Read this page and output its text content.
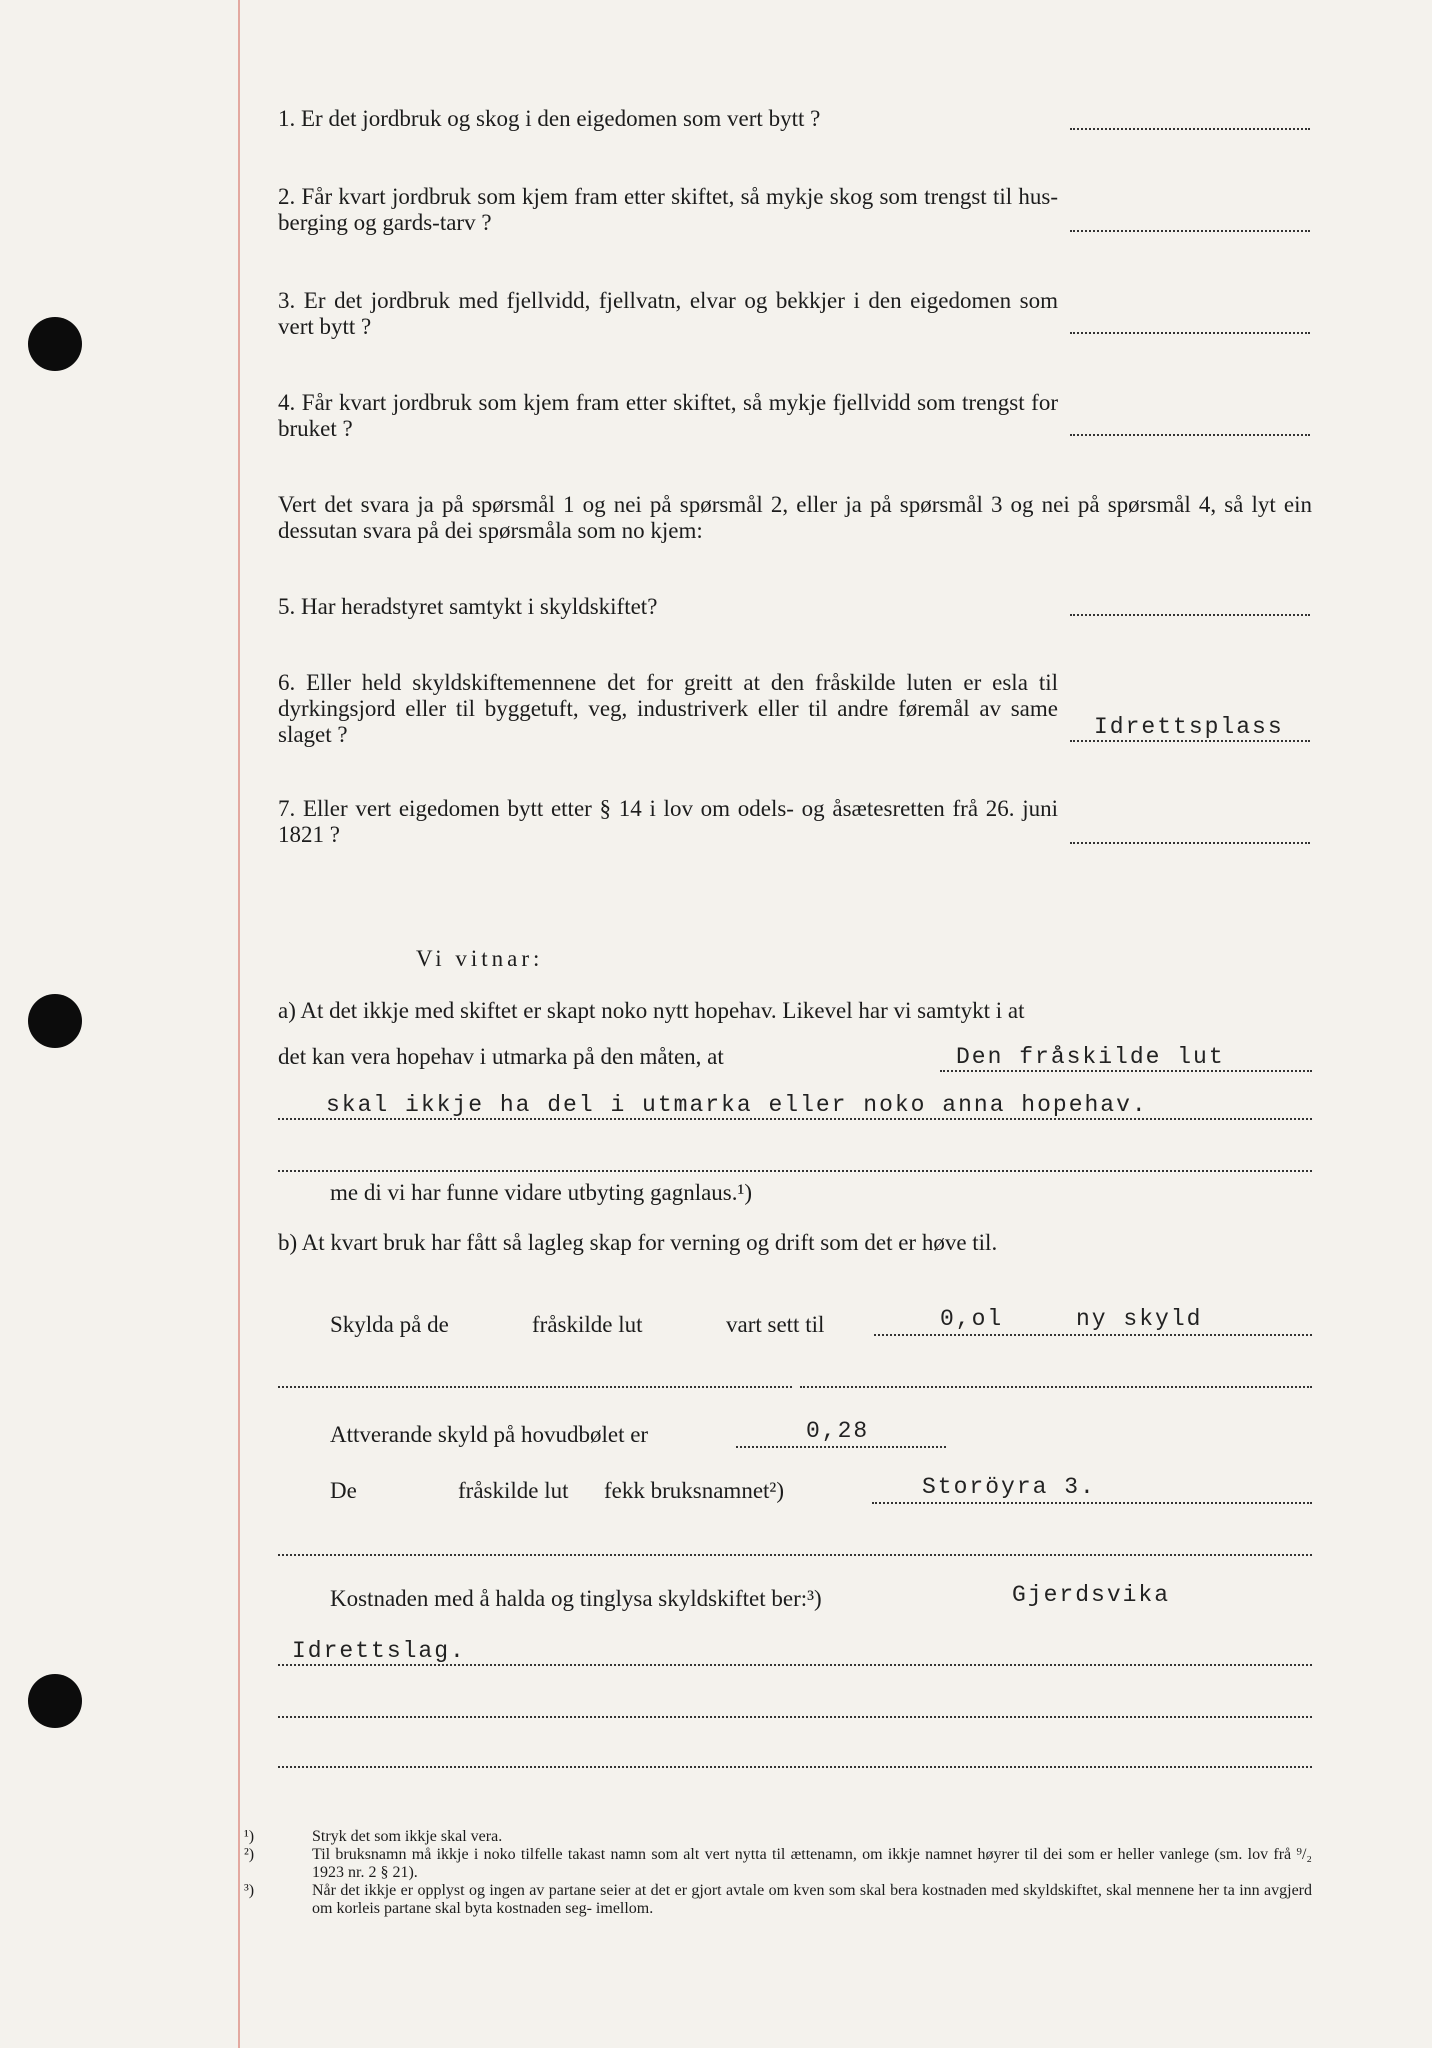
1. Er det jordbruk og skog i den eigedomen som vert bytt ?
2. Får kvart jordbruk som kjem fram etter skiftet, så mykje skog som trengst til hus-berging og gards-tarv ?
3. Er det jordbruk med fjellvidd, fjellvatn, elvar og bekkjer i den eigedomen som vert bytt ?
4. Får kvart jordbruk som kjem fram etter skiftet, så mykje fjellvidd som trengst for bruket ?
Vert det svara ja på spørsmål 1 og nei på spørsmål 2, eller ja på spørsmål 3 og nei på spørsmål 4, så lyt ein dessutan svara på dei spørsmåla som no kjem:
5. Har heradstyret samtykt i skyldskiftet?
6. Eller held skyldskiftemennene det for greitt at den fråskilde luten er esla til dyrkingsjord eller til byggetuft, veg, industriverk eller til andre føremål av same slaget ?	Idrettsplass
7. Eller vert eigedomen bytt etter § 14 i lov om odels- og åsætesretten frå 26. juni 1821 ?
Vi vitnar:
a) At det ikkje med skiftet er skapt noko nytt hopehav. Likevel har vi samtykt i at
det kan vera hopehav i utmarka på den måten, at	Den fråskilde lut
skal ikkje ha del i utmarka eller noko anna hopehav.
me di vi har funne vidare utbyting gagnlaus.¹)
b) At kvart bruk har fått så lagleg skap for verning og drift som det er høve til.
Skylda på de	fråskilde lut	vart sett til	0,ol	ny skyld
Attverande skyld på hovudbølet er	0,28
De	fråskilde lut fekk bruksnamnet²)	Storöyra 3.
Kostnaden med å halda og tinglysa skyldskiftet ber:³)	Gjerdsvika
Idrettslag.
¹)	Stryk det som ikkje skal vera.
²)	Til bruksnamn må ikkje i noko tilfelle takast namn som alt vert nytta til ættenamn, om ikkje namnet høyrer til dei som er heller vanlege (sm. lov frå ⁹/₂ 1923 nr. 2 § 21).
³)	Når det ikkje er opplyst og ingen av partane seier at det er gjort avtale om kven som skal bera kostnaden med skyldskiftet, skal mennene her ta inn avgjerd om korleis partane skal byta kostnaden seg- imellom.
